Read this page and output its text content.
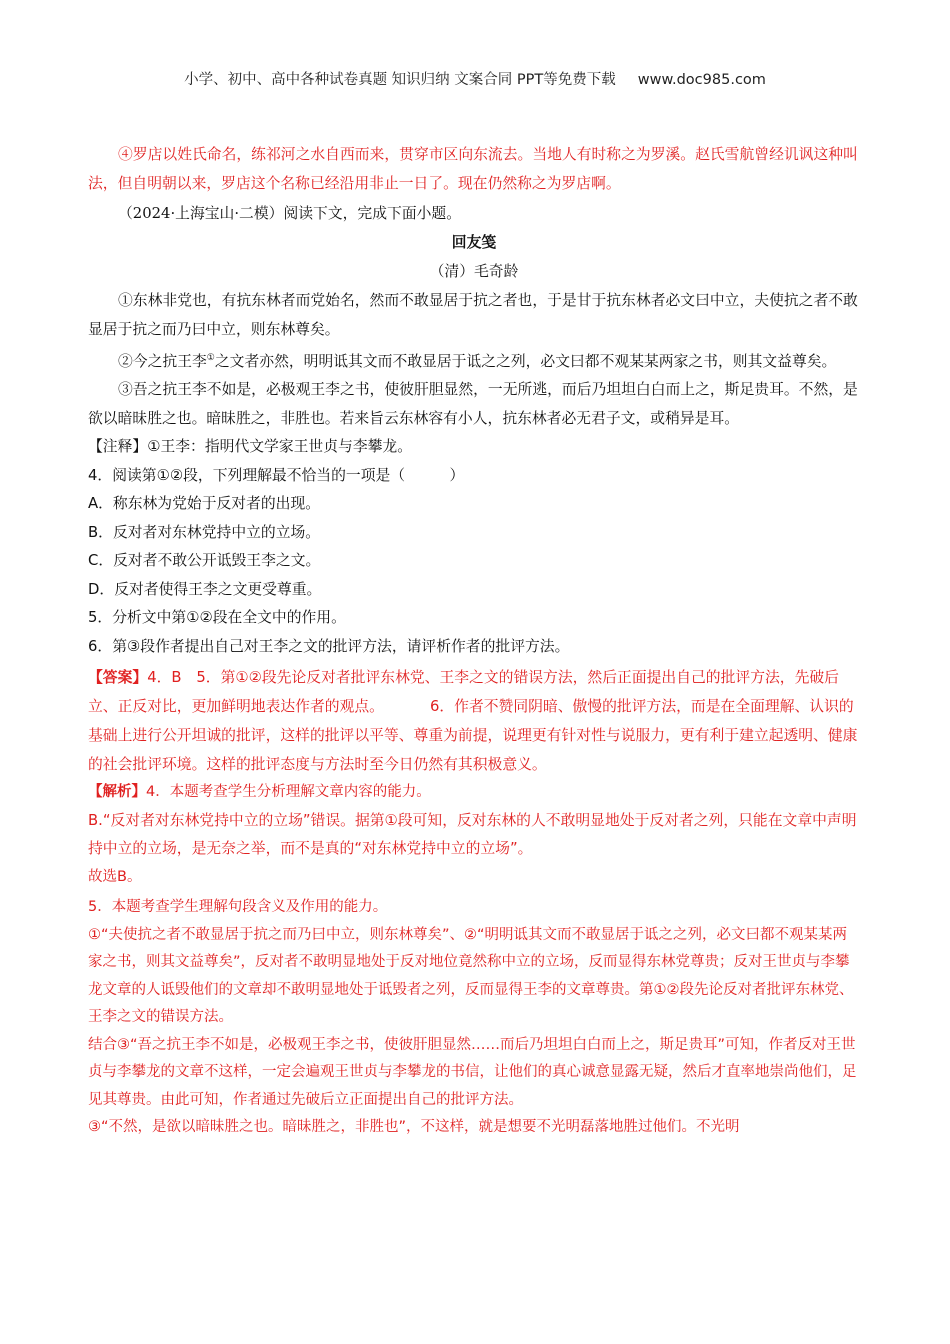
小学、初中、高中各种试卷真题 知识归纳 文案合同 PPT等免费下载 www.doc985.com

④罗店以姓氏命名，练祁河之水自西而来，贯穿市区向东流去。当地人有时称之为罗溪。赵氏雪航曾经讥讽这种叫法，但自明朝以来，罗店这个名称已经沿用非止一日了。现在仍然称之为罗店啊。

（2024·上海宝山·二模）阅读下文，完成下面小题。

回友笺

（清）毛奇龄

①东林非党也，有抗东林者而党始名，然而不敢显居于抗之者也，于是甘于抗东林者必文曰中立，夫使抗之者不敢显居于抗之而乃曰中立，则东林尊矣。

②今之抗王李①之文者亦然，明明诋其文而不敢显居于诋之之列，必文曰都不观某某两家之书，则其文益尊矣。

③吾之抗王李不如是，必极观王李之书，使彼肝胆显然，一无所逃，而后乃坦坦白白而上之，斯足贵耳。不然，是欲以暗昧胜之也。暗昧胜之，非胜也。若来旨云东林容有小人，抗东林者必无君子文，或稍异是耳。

【注释】①王李：指明代文学家王世贞与李攀龙。

4．阅读第①②段，下列理解最不恰当的一项是（　　　）

A．称东林为党始于反对者的出现。

B．反对者对东林党持中立的立场。

C．反对者不敢公开诋毁王李之文。

D．反对者使得王李之文更受尊重。

5．分析文中第①②段在全文中的作用。

6．第③段作者提出自己对王李之文的批评方法，请评析作者的批评方法。

【答案】4．B　5．第①②段先论反对者批评东林党、王李之文的错误方法，然后正面提出自己的批评方法，先破后立、正反对比，更加鲜明地表达作者的观点。	6．作者不赞同阴暗、傲慢的批评方法，而是在全面理解、认识的基础上进行公开坦诚的批评，这样的批评以平等、尊重为前提，说理更有针对性与说服力，更有利于建立起透明、健康的社会批评环境。这样的批评态度与方法时至今日仍然有其积极意义。

【解析】4．本题考查学生分析理解文章内容的能力。

B.“反对者对东林党持中立的立场”错误。据第①段可知，反对东林的人不敢明显地处于反对者之列，只能在文章中声明持中立的立场，是无奈之举，而不是真的“对东林党持中立的立场”。

故选B。

5．本题考查学生理解句段含义及作用的能力。

①“夫使抗之者不敢显居于抗之而乃曰中立，则东林尊矣”、②“明明诋其文而不敢显居于诋之之列，必文曰都不观某某两家之书，则其文益尊矣”，反对者不敢明显地处于反对地位竟然称中立的立场，反而显得东林党尊贵；反对王世贞与李攀龙文章的人诋毁他们的文章却不敢明显地处于诋毁者之列，反而显得王李的文章尊贵。第①②段先论反对者批评东林党、王李之文的错误方法。

结合③“吾之抗王李不如是，必极观王李之书，使彼肝胆显然……而后乃坦坦白白而上之，斯足贵耳”可知，作者反对王世贞与李攀龙的文章不这样，一定会遍观王世贞与李攀龙的书信，让他们的真心诚意显露无疑，然后才直率地崇尚他们，足见其尊贵。由此可知，作者通过先破后立正面提出自己的批评方法。

③“不然，是欲以暗昧胜之也。暗昧胜之，非胜也”，不这样，就是想要不光明磊落地胜过他们。不光明
